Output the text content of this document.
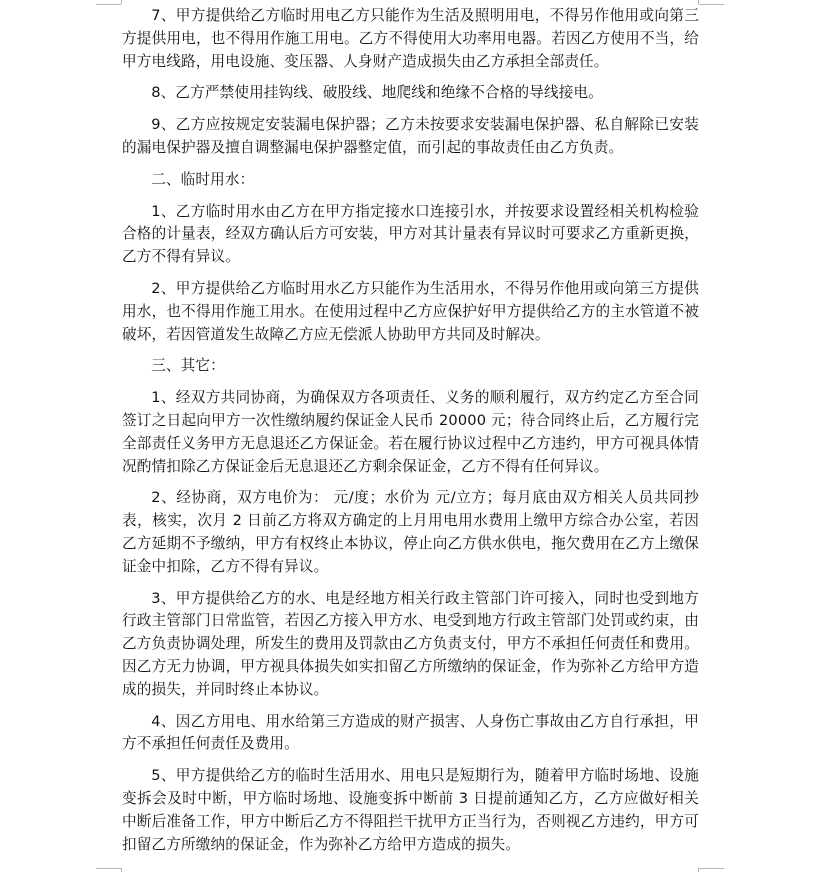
7、甲方提供给乙方临时用电乙方只能作为生活及照明用电，不得另作他用或向第三方提供用电，也不得用作施工用电。乙方不得使用大功率用电器。若因乙方使用不当，给甲方电线路，用电设施、变压器、人身财产造成损失由乙方承担全部责任。

8、乙方严禁使用挂钩线、破股线、地爬线和绝缘不合格的导线接电。

9、乙方应按规定安装漏电保护器；乙方未按要求安装漏电保护器、私自解除已安装的漏电保护器及擅自调整漏电保护器整定值，而引起的事故责任由乙方负责。

二、临时用水：

1、乙方临时用水由乙方在甲方指定接水口连接引水，并按要求设置经相关机构检验合格的计量表，经双方确认后方可安装，甲方对其计量表有异议时可要求乙方重新更换，乙方不得有异议。

2、甲方提供给乙方临时用水乙方只能作为生活用水，不得另作他用或向第三方提供用水，也不得用作施工用水。在使用过程中乙方应保护好甲方提供给乙方的主水管道不被破坏，若因管道发生故障乙方应无偿派人协助甲方共同及时解决。

三、其它：

1、经双方共同协商，为确保双方各项责任、义务的顺利履行，双方约定乙方至合同签订之日起向甲方一次性缴纳履约保证金人民币 20000 元；待合同终止后，乙方履行完全部责任义务甲方无息退还乙方保证金。若在履行协议过程中乙方违约，甲方可视具体情况酌情扣除乙方保证金后无息退还乙方剩余保证金，乙方不得有任何异议。

2、经协商，双方电价为： 元/度；水价为 元/立方；每月底由双方相关人员共同抄表，核实，次月 2 日前乙方将双方确定的上月用电用水费用上缴甲方综合办公室，若因乙方延期不予缴纳，甲方有权终止本协议，停止向乙方供水供电，拖欠费用在乙方上缴保证金中扣除，乙方不得有异议。

3、甲方提供给乙方的水、电是经地方相关行政主管部门许可接入，同时也受到地方行政主管部门日常监管，若因乙方接入甲方水、电受到地方行政主管部门处罚或约束，由乙方负责协调处理，所发生的费用及罚款由乙方负责支付，甲方不承担任何责任和费用。因乙方无力协调，甲方视具体损失如实扣留乙方所缴纳的保证金，作为弥补乙方给甲方造成的损失，并同时终止本协议。

4、因乙方用电、用水给第三方造成的财产损害、人身伤亡事故由乙方自行承担，甲方不承担任何责任及费用。

5、甲方提供给乙方的临时生活用水、用电只是短期行为，随着甲方临时场地、设施变拆会及时中断，甲方临时场地、设施变拆中断前 3 日提前通知乙方，乙方应做好相关中断后准备工作，甲方中断后乙方不得阻拦干扰甲方正当行为，否则视乙方违约，甲方可扣留乙方所缴纳的保证金，作为弥补乙方给甲方造成的损失。
